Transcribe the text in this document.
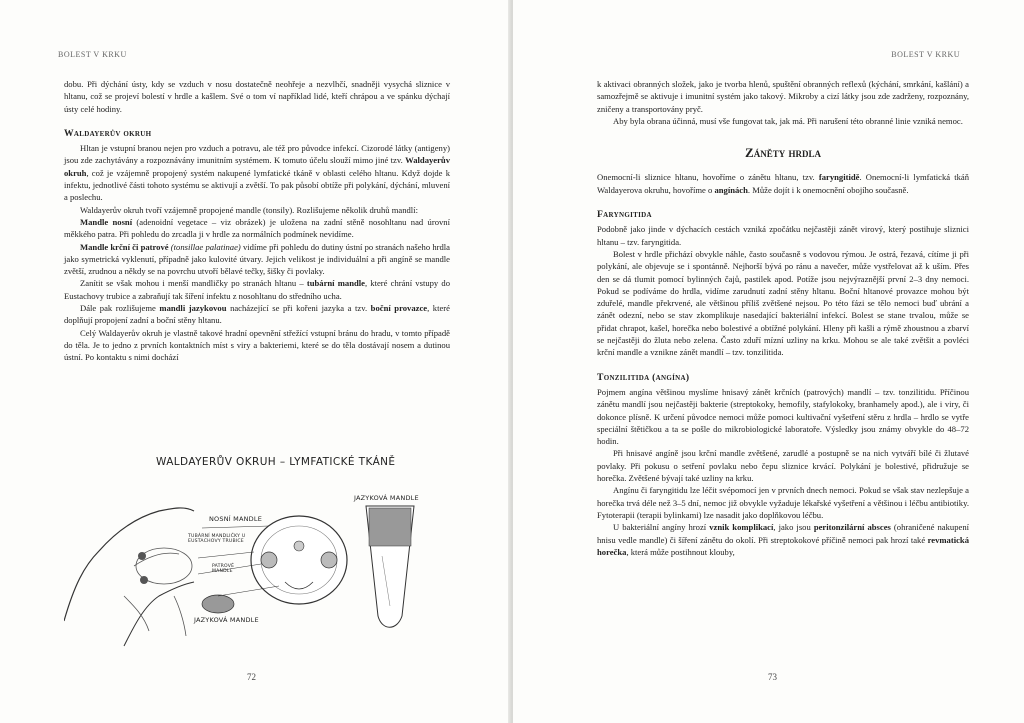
BOLEST V KRKU

dobu. Při dýchání ústy, kdy se vzduch v nosu dostatečně neohřeje a nezvlhčí, snadněji vysychá sliznice v hltanu, což se projeví bolestí v hrdle a kašlem. Své o tom ví například lidé, kteří chrápou a ve spánku dýchají ústy celé hodiny.

Waldayerův okruh

Hltan je vstupní branou nejen pro vzduch a potravu, ale též pro původce infekcí. Cizorodé látky (antigeny) jsou zde zachytávány a rozpoznávány imunitním systémem. K tomuto účelu slouží mimo jiné tzv. Waldayerův okruh, což je vzájemně propojený systém nakupené lymfatické tkáně v oblasti celého hltanu. Když dojde k infektu, jednotlivé části tohoto systému se aktivují a zvětší. To pak působí obtíže při polykání, dýchání, mluvení a poslechu.

Waldayerův okruh tvoří vzájemně propojené mandle (tonsily). Rozlišujeme několik druhů mandlí:

Mandle nosní (adenoidní vegetace – viz obrázek) je uložena na zadní stěně nosohltanu nad úrovní měkkého patra. Při pohledu do zrcadla ji v hrdle za normálních podmínek nevidíme.

Mandle krční či patrové (tonsillae palatinae) vidíme při pohledu do dutiny ústní po stranách našeho hrdla jako symetrická vyklenutí, případně jako kulovité útvary. Jejich velikost je individuální a při angíně se mandle zvětší, zrudnou a někdy se na povrchu utvoří bělavé tečky, šišky či povlaky.

Zanítit se však mohou i menší mandličky po stranách hltanu – tubární mandle, které chrání vstupy do Eustachovy trubice a zabraňují tak šíření infektu z nosohltanu do středního ucha.

Dále pak rozlišujeme mandli jazykovou nacházející se při kořeni jazyka a tzv. boční provazce, které doplňují propojení zadní a boční stěny hltanu.

Celý Waldayerův okruh je vlastně takové hradní opevnění střežící vstupní bránu do hradu, v tomto případě do těla. Je to jedno z prvních kontaktních míst s viry a bakteriemi, které se do těla dostávají nosem a dutinou ústní. Po kontaktu s nimi dochází

WALDAYERŮV OKRUH – LYMFATICKÉ TKÁNĚ
NOSNÍ MANDLE
TUBÁRNÍ MANDLIČKY U EUSTACHOVY TRUBICE
PATROVÉ MANDLE
JAZYKOVÁ MANDLE
JAZYKOVÁ MANDLE
72
BOLEST V KRKU

k aktivaci obranných složek, jako je tvorba hlenů, spuštění obranných reflexů (kýchání, smrkání, kašlání) a samozřejmě se aktivuje i imunitní systém jako takový. Mikroby a cizí látky jsou zde zadrženy, rozpoznány, zničeny a transportovány pryč.

Aby byla obrana účinná, musí vše fungovat tak, jak má. Při narušení této obranné linie vzniká nemoc.

Záněty hrdla

Onemocní-li sliznice hltanu, hovoříme o zánětu hltanu, tzv. faryngitidě. Onemocní-li lymfatická tkáň Waldayerova okruhu, hovoříme o angínách. Může dojít i k onemocnění obojího současně.

Faryngitida

Podobně jako jinde v dýchacích cestách vzniká zpočátku nejčastěji zánět virový, který postihuje sliznici hltanu – tzv. faryngitida.

Bolest v hrdle přichází obvykle náhle, často současně s vodovou rýmou. Je ostrá, řezavá, cítíme ji při polykání, ale objevuje se i spontánně. Nejhorší bývá po ránu a navečer, může vystřelovat až k uším. Přes den se dá tlumit pomocí bylinných čajů, pastilek apod. Potíže jsou nejvýraznější první 2–3 dny nemoci. Pokud se podíváme do hrdla, vidíme zarudnutí zadní stěny hltanu. Boční hltanové provazce mohou být zduřelé, mandle překrvené, ale většinou příliš zvětšené nejsou. Po této fázi se tělo nemoci buď ubrání a zánět odezní, nebo se stav zkomplikuje nasedající bakteriální infekcí. Bolest se stane trvalou, může se přidat chrapot, kašel, horečka nebo bolestivé a obtížné polykání. Hleny při kašli a rýmě zhoustnou a zbarví se nejčastěji do žluta nebo zelena. Často zduří mízní uzliny na krku. Mohou se ale také zvětšit a povléci krční mandle a vznikne zánět mandlí – tzv. tonzilitida.

Tonzilitida (angína)

Pojmem angína většinou myslíme hnisavý zánět krčních (patrových) mandlí – tzv. tonzilitidu. Příčinou zánětu mandlí jsou nejčastěji bakterie (streptokoky, hemofily, stafylokoky, branhamely apod.), ale i viry, či dokonce plísně. K určení původce nemoci může pomoci kultivační vyšetření stěru z hrdla – hrdlo se vytře speciální štětičkou a ta se pošle do mikrobiologické laboratoře. Výsledky jsou známy obvykle do 48–72 hodin.

Při hnisavé angíně jsou krční mandle zvětšené, zarudlé a postupně se na nich vytváří bílé či žlutavé povlaky. Při pokusu o setření povlaku nebo čepu sliznice krvácí. Polykání je bolestivé, přidružuje se horečka. Zvětšené bývají také uzliny na krku.

Angínu či faryngitidu lze léčit svépomocí jen v prvních dnech nemoci. Pokud se však stav nezlepšuje a horečka trvá déle než 3–5 dní, nemoc již obvykle vyžaduje lékařské vyšetření a většinou i léčbu antibiotiky. Fytoterapii (terapii bylinkami) lze nasadit jako doplňkovou léčbu.

U bakteriální angíny hrozí vznik komplikací, jako jsou peritonzilární absces (ohraničené nakupení hnisu vedle mandle) či šíření zánětu do okolí. Při streptokokové příčině nemoci pak hrozí také revmatická horečka, která může postihnout klouby,

73
